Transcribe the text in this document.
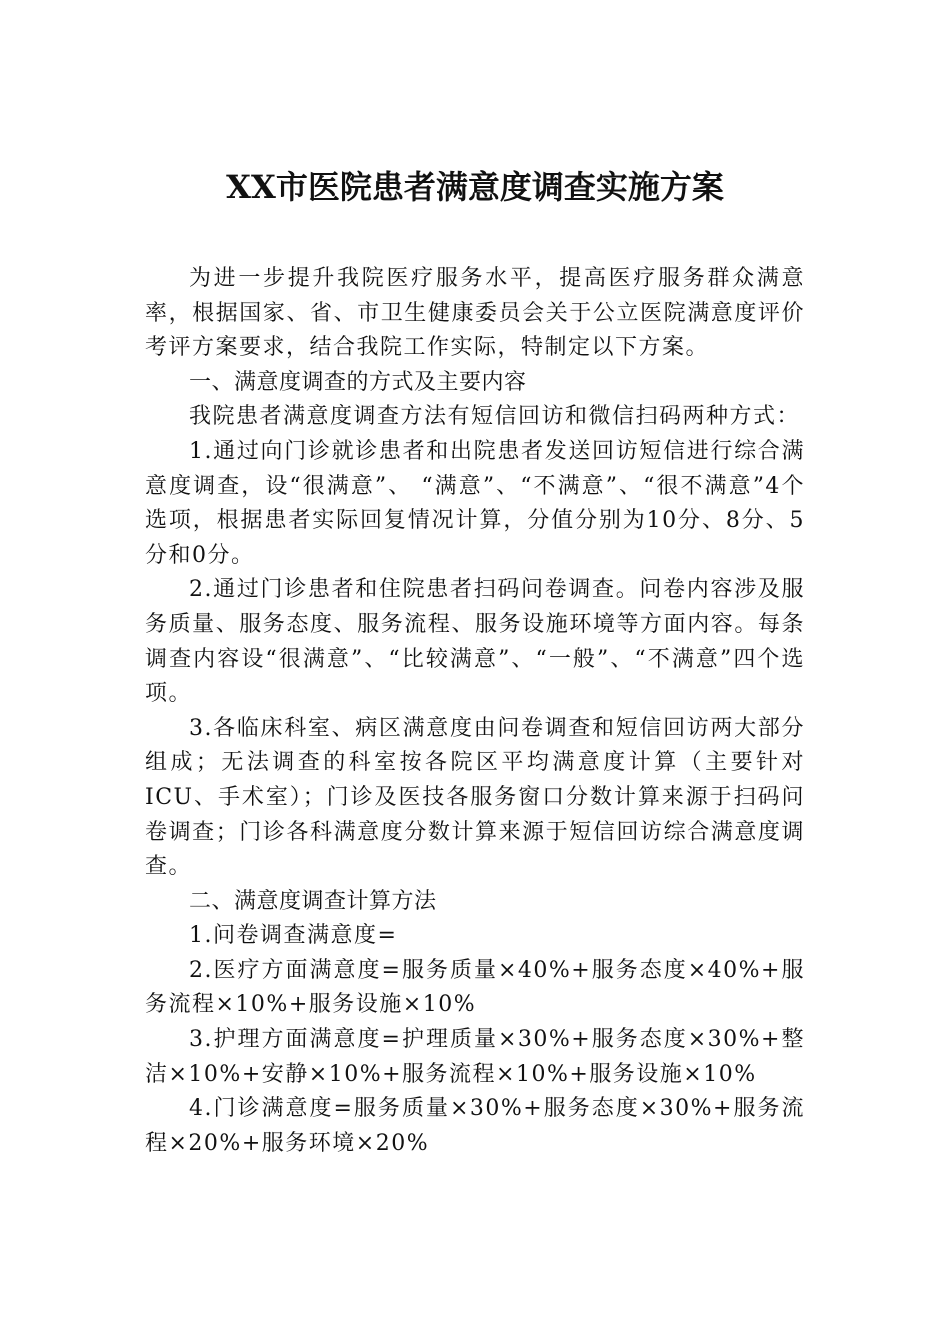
XX市医院患者满意度调查实施方案

为进一步提升我院医疗服务水平，提高医疗服务群众满意率，根据国家、省、市卫生健康委员会关于公立医院满意度评价考评方案要求，结合我院工作实际，特制定以下方案。

一、满意度调查的方式及主要内容

我院患者满意度调查方法有短信回访和微信扫码两种方式：

1.通过向门诊就诊患者和出院患者发送回访短信进行综合满意度调查，设“很满意”、 “满意”、“不满意”、“很不满意”4个选项，根据患者实际回复情况计算，分值分别为10分、8分、5分和0分。

2.通过门诊患者和住院患者扫码问卷调查。问卷内容涉及服务质量、服务态度、服务流程、服务设施环境等方面内容。每条调查内容设“很满意”、“比较满意”、“一般”、“不满意”四个选项。

3.各临床科室、病区满意度由问卷调查和短信回访两大部分组成；无法调查的科室按各院区平均满意度计算（主要针对ICU、手术室）；门诊及医技各服务窗口分数计算来源于扫码问卷调查；门诊各科满意度分数计算来源于短信回访综合满意度调查。

二、满意度调查计算方法

1.问卷调查满意度=

2.医疗方面满意度=服务质量×40%+服务态度×40%+服务流程×10%+服务设施×10%

3.护理方面满意度=护理质量×30%+服务态度×30%+整洁×10%+安静×10%+服务流程×10%+服务设施×10%

4.门诊满意度=服务质量×30%+服务态度×30%+服务流程×20%+服务环境×20%
